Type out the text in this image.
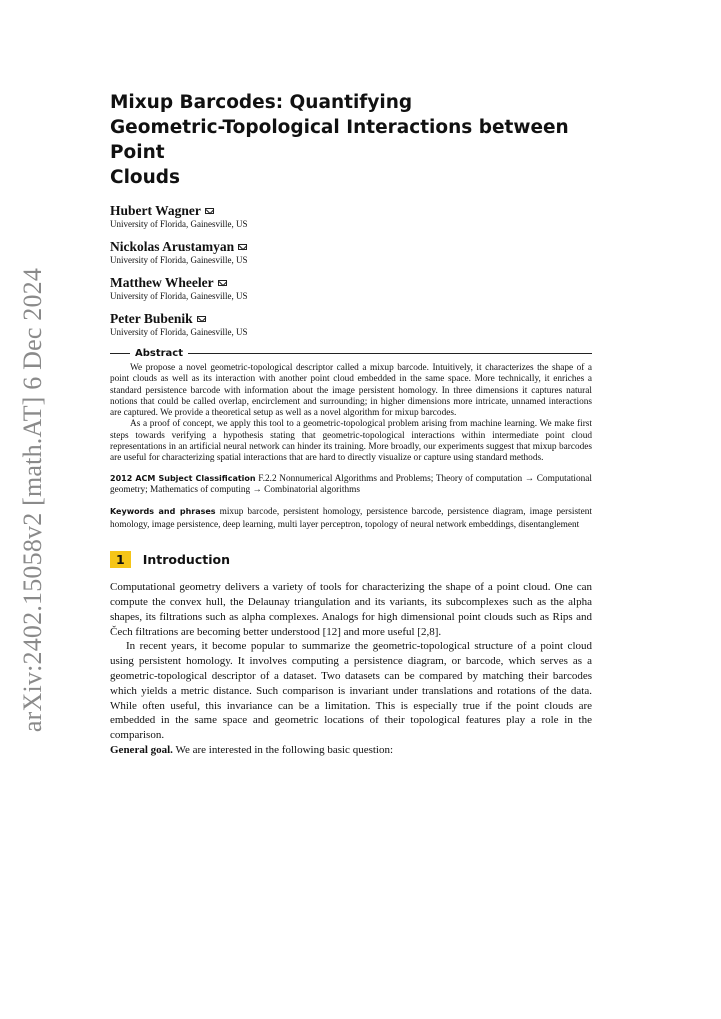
arXiv:2402.15058v2 [math.AT] 6 Dec 2024
Mixup Barcodes: Quantifying
Geometric-Topological Interactions between Point
Clouds
Hubert Wagner
University of Florida, Gainesville, US
Nickolas Arustamyan
University of Florida, Gainesville, US
Matthew Wheeler
University of Florida, Gainesville, US
Peter Bubenik
University of Florida, Gainesville, US
Abstract

We propose a novel geometric-topological descriptor called a mixup barcode. Intuitively, it characterizes the shape of a point clouds as well as its interaction with another point cloud embedded in the same space. More technically, it enriches a standard persistence barcode with information about the image persistent homology. In three dimensions it captures natural notions that could be called overlap, encirclement and surrounding; in higher dimensions more intricate, unnamed interactions are captured. We provide a theoretical setup as well as a novel algorithm for mixup barcodes.

As a proof of concept, we apply this tool to a geometric-topological problem arising from machine learning. We make first steps towards verifying a hypothesis stating that geometric-topological interactions within intermediate point cloud representations in an artificial neural network can hinder its training. More broadly, our experiments suggest that mixup barcodes are useful for characterizing spatial interactions that are hard to directly visualize or capture using standard methods.

2012 ACM Subject Classification F.2.2 Nonnumerical Algorithms and Problems; Theory of computation → Computational geometry; Mathematics of computing → Combinatorial algorithms
Keywords and phrases mixup barcode, persistent homology, persistence barcode, persistence diagram, image persistent homology, image persistence, deep learning, multi layer perceptron, topology of neural network embeddings, disentanglement
1	Introduction

Computational geometry delivers a variety of tools for characterizing the shape of a point cloud. One can compute the convex hull, the Delaunay triangulation and its variants, its subcomplexes such as the alpha shapes, its filtrations such as alpha complexes. Analogs for high dimensional point clouds such as Rips and Čech filtrations are becoming better understood [12] and more useful [2,8].

In recent years, it become popular to summarize the geometric-topological structure of a point cloud using persistent homology. It involves computing a persistence diagram, or barcode, which serves as a geometric-topological descriptor of a dataset. Two datasets can be compared by matching their barcodes which yields a metric distance. Such comparison is invariant under translations and rotations of the data. While often useful, this invariance can be a limitation. This is especially true if the point clouds are embedded in the same space and geometric locations of their topological features play a role in the comparison.

General goal. We are interested in the following basic question:
